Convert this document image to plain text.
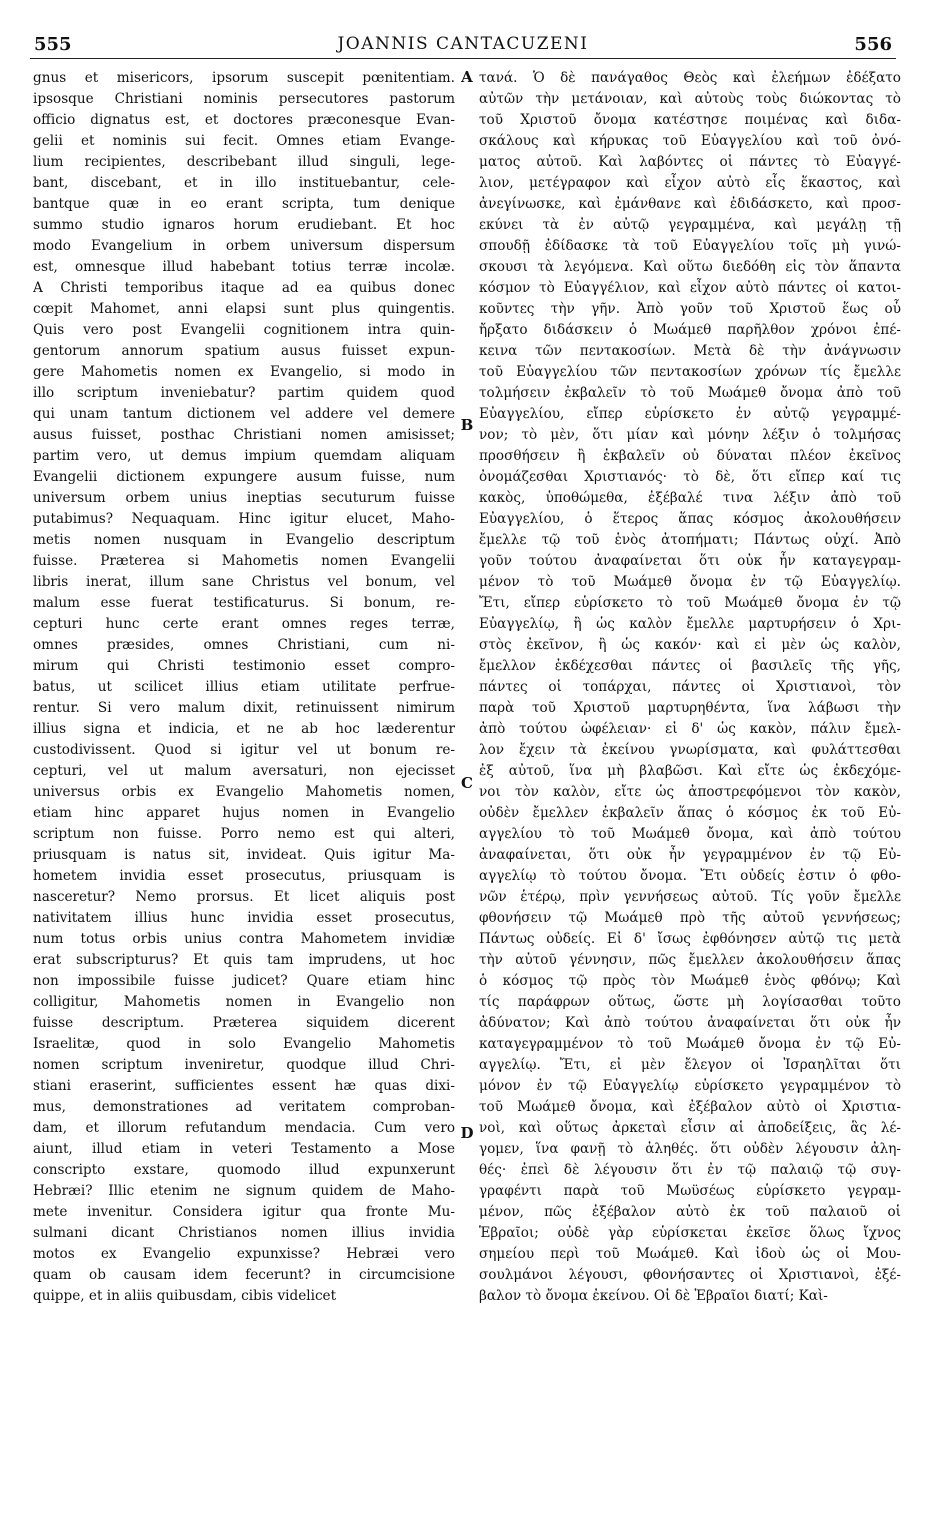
555	JOANNIS CANTACUZENI	556
gnus et misericors, ipsorum suscepit pœnitentiam.
ipsosque Christiani nominis persecutores pastorum
officio dignatus est, et doctores præconesque Evan-
gelii et nominis sui fecit. Omnes etiam Evange-
lium recipientes, describebant illud singuli, lege-
bant, discebant, et in illo instituebantur, cele-
bantque quæ in eo erant scripta, tum denique
summo studio ignaros horum erudiebant. Et hoc
modo Evangelium in orbem universum dispersum
est, omnesque illud habebant totius terræ incolæ.
A Christi temporibus itaque ad ea quibus donec
cœpit Mahomet, anni elapsi sunt plus quingentis.
Quis vero post Evangelii cognitionem intra quin-
gentorum annorum spatium ausus fuisset expun-
gere Mahometis nomen ex Evangelio, si modo in
illo scriptum inveniebatur? partim quidem quod
qui unam tantum dictionem vel addere vel demere
ausus fuisset, posthac Christiani nomen amisisset;
partim vero, ut demus impium quemdam aliquam
Evangelii dictionem expungere ausum fuisse, num
universum orbem unius ineptias secuturum fuisse
putabimus? Nequaquam. Hinc igitur elucet, Maho-
metis nomen nusquam in Evangelio descriptum
fuisse. Præterea si Mahometis nomen Evangelii
libris inerat, illum sane Christus vel bonum, vel
malum esse fuerat testificaturus. Si bonum, re-
cepturi hunc certe erant omnes reges terræ,
omnes præsides, omnes Christiani, cum ni-
mirum qui Christi testimonio esset compro-
batus, ut scilicet illius etiam utilitate perfrue-
rentur. Si vero malum dixit, retinuissent nimirum
illius signa et indicia, et ne ab hoc læderentur
custodivissent. Quod si igitur vel ut bonum re-
cepturi, vel ut malum aversaturi, non ejecisset
universus orbis ex Evangelio Mahometis nomen,
etiam hinc apparet hujus nomen in Evangelio
scriptum non fuisse. Porro nemo est qui alteri,
priusquam is natus sit, invideat. Quis igitur Ma-
hometem invidia esset prosecutus, priusquam is
nasceretur? Nemo prorsus. Et licet aliquis post
nativitatem illius hunc invidia esset prosecutus,
num totus orbis unius contra Mahometem invidiæ
erat subscripturus? Et quis tam imprudens, ut hoc
non impossibile fuisse judicet? Quare etiam hinc
colligitur, Mahometis nomen in Evangelio non
fuisse descriptum. Præterea siquidem dicerent
Israelitæ, quod in solo Evangelio Mahometis
nomen scriptum inveniretur, quodque illud Chri-
stiani eraserint, sufficientes essent hæ quas dixi-
mus, demonstrationes ad veritatem comproban-
dam, et illorum refutandum mendacia. Cum vero
aiunt, illud etiam in veteri Testamento a Mose
conscripto exstare, quomodo illud expunxerunt
Hebræi? Illic etenim ne signum quidem de Maho-
mete invenitur. Considera igitur qua fronte Mu-
sulmani dicant Christianos nomen illius invidia
motos ex Evangelio expunxisse? Hebræi vero
quam ob causam idem fecerunt? in circumcisione
quippe, et in aliis quibusdam, cibis videlicet
A
B
C
D
τανά. Ὁ δὲ πανάγαθος Θεὸς καὶ ἐλεήμων ἐδέξατο
αὐτῶν τὴν μετάνοιαν, καὶ αὐτοὺς τοὺς διώκοντας τὸ
τοῦ Χριστοῦ ὄνομα κατέστησε ποιμένας καὶ διδα-
σκάλους καὶ κήρυκας τοῦ Εὐαγγελίου καὶ τοῦ ὀνό-
ματος αὐτοῦ. Καὶ λαβόντες οἱ πάντες τὸ Εὐαγγέ-
λιον, μετέγραφον καὶ εἶχον αὐτὸ εἷς ἕκαστος, καὶ
ἀνεγίνωσκε, καὶ ἐμάνθανε καὶ ἐδιδάσκετο, καὶ προσ-
εκύνει τὰ ἐν αὐτῷ γεγραμμένα, καὶ μεγάλῃ τῇ
σπουδῇ ἐδίδασκε τὰ τοῦ Εὐαγγελίου τοῖς μὴ γινώ-
σκουσι τὰ λεγόμενα. Καὶ οὕτω διεδόθη εἰς τὸν ἅπαντα
κόσμον τὸ Εὐαγγέλιον, καὶ εἶχον αὐτὸ πάντες οἱ κατοι-
κοῦντες τὴν γῆν. Ἀπὸ γοῦν τοῦ Χριστοῦ ἕως οὗ
ἤρξατο διδάσκειν ὁ Μωάμεθ παρῆλθον χρόνοι ἐπέ-
κεινα τῶν πεντακοσίων. Μετὰ δὲ τὴν ἀνάγνωσιν
τοῦ Εὐαγγελίου τῶν πεντακοσίων χρόνων τίς ἔμελλε
τολμήσειν ἐκβαλεῖν τὸ τοῦ Μωάμεθ ὄνομα ἀπὸ τοῦ
Εὐαγγελίου, εἴπερ εὑρίσκετο ἐν αὐτῷ γεγραμμέ-
νον; τὸ μὲν, ὅτι μίαν καὶ μόνην λέξιν ὁ τολμήσας
προσθήσειν ἢ ἐκβαλεῖν οὐ δύναται πλέον ἐκεῖνος
ὀνομάζεσθαι Χριστιανός· τὸ δὲ, ὅτι εἴπερ καί τις
κακὸς, ὑποθώμεθα, ἐξέβαλέ τινα λέξιν ἀπὸ τοῦ
Εὐαγγελίου, ὁ ἕτερος ἅπας κόσμος ἀκολουθήσειν
ἔμελλε τῷ τοῦ ἑνὸς ἀτοπήματι; Πάντως οὐχί. Ἀπὸ
γοῦν τούτου ἀναφαίνεται ὅτι οὐκ ἦν καταγεγραμ-
μένον τὸ τοῦ Μωάμεθ ὄνομα ἐν τῷ Εὐαγγελίῳ.
Ἔτι, εἴπερ εὑρίσκετο τὸ τοῦ Μωάμεθ ὄνομα ἐν τῷ
Εὐαγγελίῳ, ἢ ὡς καλὸν ἔμελλε μαρτυρήσειν ὁ Χρι-
στὸς ἐκεῖνον, ἢ ὡς κακόν· καὶ εἰ μὲν ὡς καλὸν,
ἔμελλον ἐκδέχεσθαι πάντες οἱ βασιλεῖς τῆς γῆς,
πάντες οἱ τοπάρχαι, πάντες οἱ Χριστιανοὶ, τὸν
παρὰ τοῦ Χριστοῦ μαρτυρηθέντα, ἵνα λάβωσι τὴν
ἀπὸ τούτου ὠφέλειαν· εἰ δ' ὡς κακὸν, πάλιν ἔμελ-
λον ἔχειν τὰ ἐκείνου γνωρίσματα, καὶ φυλάττεσθαι
ἐξ αὐτοῦ, ἵνα μὴ βλαβῶσι. Καὶ εἴτε ὡς ἐκδεχόμε-
νοι τὸν καλὸν, εἴτε ὡς ἀποστρεφόμενοι τὸν κακὸν,
οὐδὲν ἔμελλεν ἐκβαλεῖν ἅπας ὁ κόσμος ἐκ τοῦ Εὐ-
αγγελίου τὸ τοῦ Μωάμεθ ὄνομα, καὶ ἀπὸ τούτου
ἀναφαίνεται, ὅτι οὐκ ἦν γεγραμμένον ἐν τῷ Εὐ-
αγγελίῳ τὸ τούτου ὄνομα. Ἔτι οὐδείς ἐστιν ὁ φθο-
νῶν ἑτέρῳ, πρὶν γεννήσεως αὐτοῦ. Τίς γοῦν ἔμελλε
φθονήσειν τῷ Μωάμεθ πρὸ τῆς αὐτοῦ γεννήσεως;
Πάντως οὐδείς. Εἰ δ' ἴσως ἐφθόνησεν αὐτῷ τις μετὰ
τὴν αὐτοῦ γέννησιν, πῶς ἔμελλεν ἀκολουθήσειν ἅπας
ὁ κόσμος τῷ πρὸς τὸν Μωάμεθ ἑνὸς φθόνῳ; Καὶ
τίς παράφρων οὕτως, ὥστε μὴ λογίσασθαι τοῦτο
ἀδύνατον; Καὶ ἀπὸ τούτου ἀναφαίνεται ὅτι οὐκ ἦν
καταγεγραμμένον τὸ τοῦ Μωάμεθ ὄνομα ἐν τῷ Εὐ-
αγγελίῳ. Ἔτι, εἰ μὲν ἔλεγον οἱ Ἰσραηλῖται ὅτι
μόνον ἐν τῷ Εὐαγγελίῳ εὑρίσκετο γεγραμμένον τὸ
τοῦ Μωάμεθ ὄνομα, καὶ ἐξέβαλον αὐτὸ οἱ Χριστια-
νοὶ, καὶ οὕτως ἀρκεταὶ εἶσιν αἱ ἀποδείξεις, ἃς λέ-
γομεν, ἵνα φανῇ τὸ ἀληθές. ὅτι οὐδὲν λέγουσιν ἀλη-
θές· ἐπεὶ δὲ λέγουσιν ὅτι ἐν τῷ παλαιῷ τῷ συγ-
γραφέντι παρὰ τοῦ Μωϋσέως εὑρίσκετο γεγραμ-
μένον, πῶς ἐξέβαλον αὐτὸ ἐκ τοῦ παλαιοῦ οἱ
Ἑβραῖοι; οὐδὲ γὰρ εὑρίσκεται ἐκεῖσε ὅλως ἴχνος
σημείου περὶ τοῦ Μωάμεθ. Καὶ ἰδοὺ ὡς οἱ Μου-
σουλμάνοι λέγουσι, φθονήσαντες οἱ Χριστιανοὶ, ἐξέ-
βαλον τὸ ὄνομα ἐκείνου. Οἱ δὲ Ἑβραῖοι διατί; Καὶ-
